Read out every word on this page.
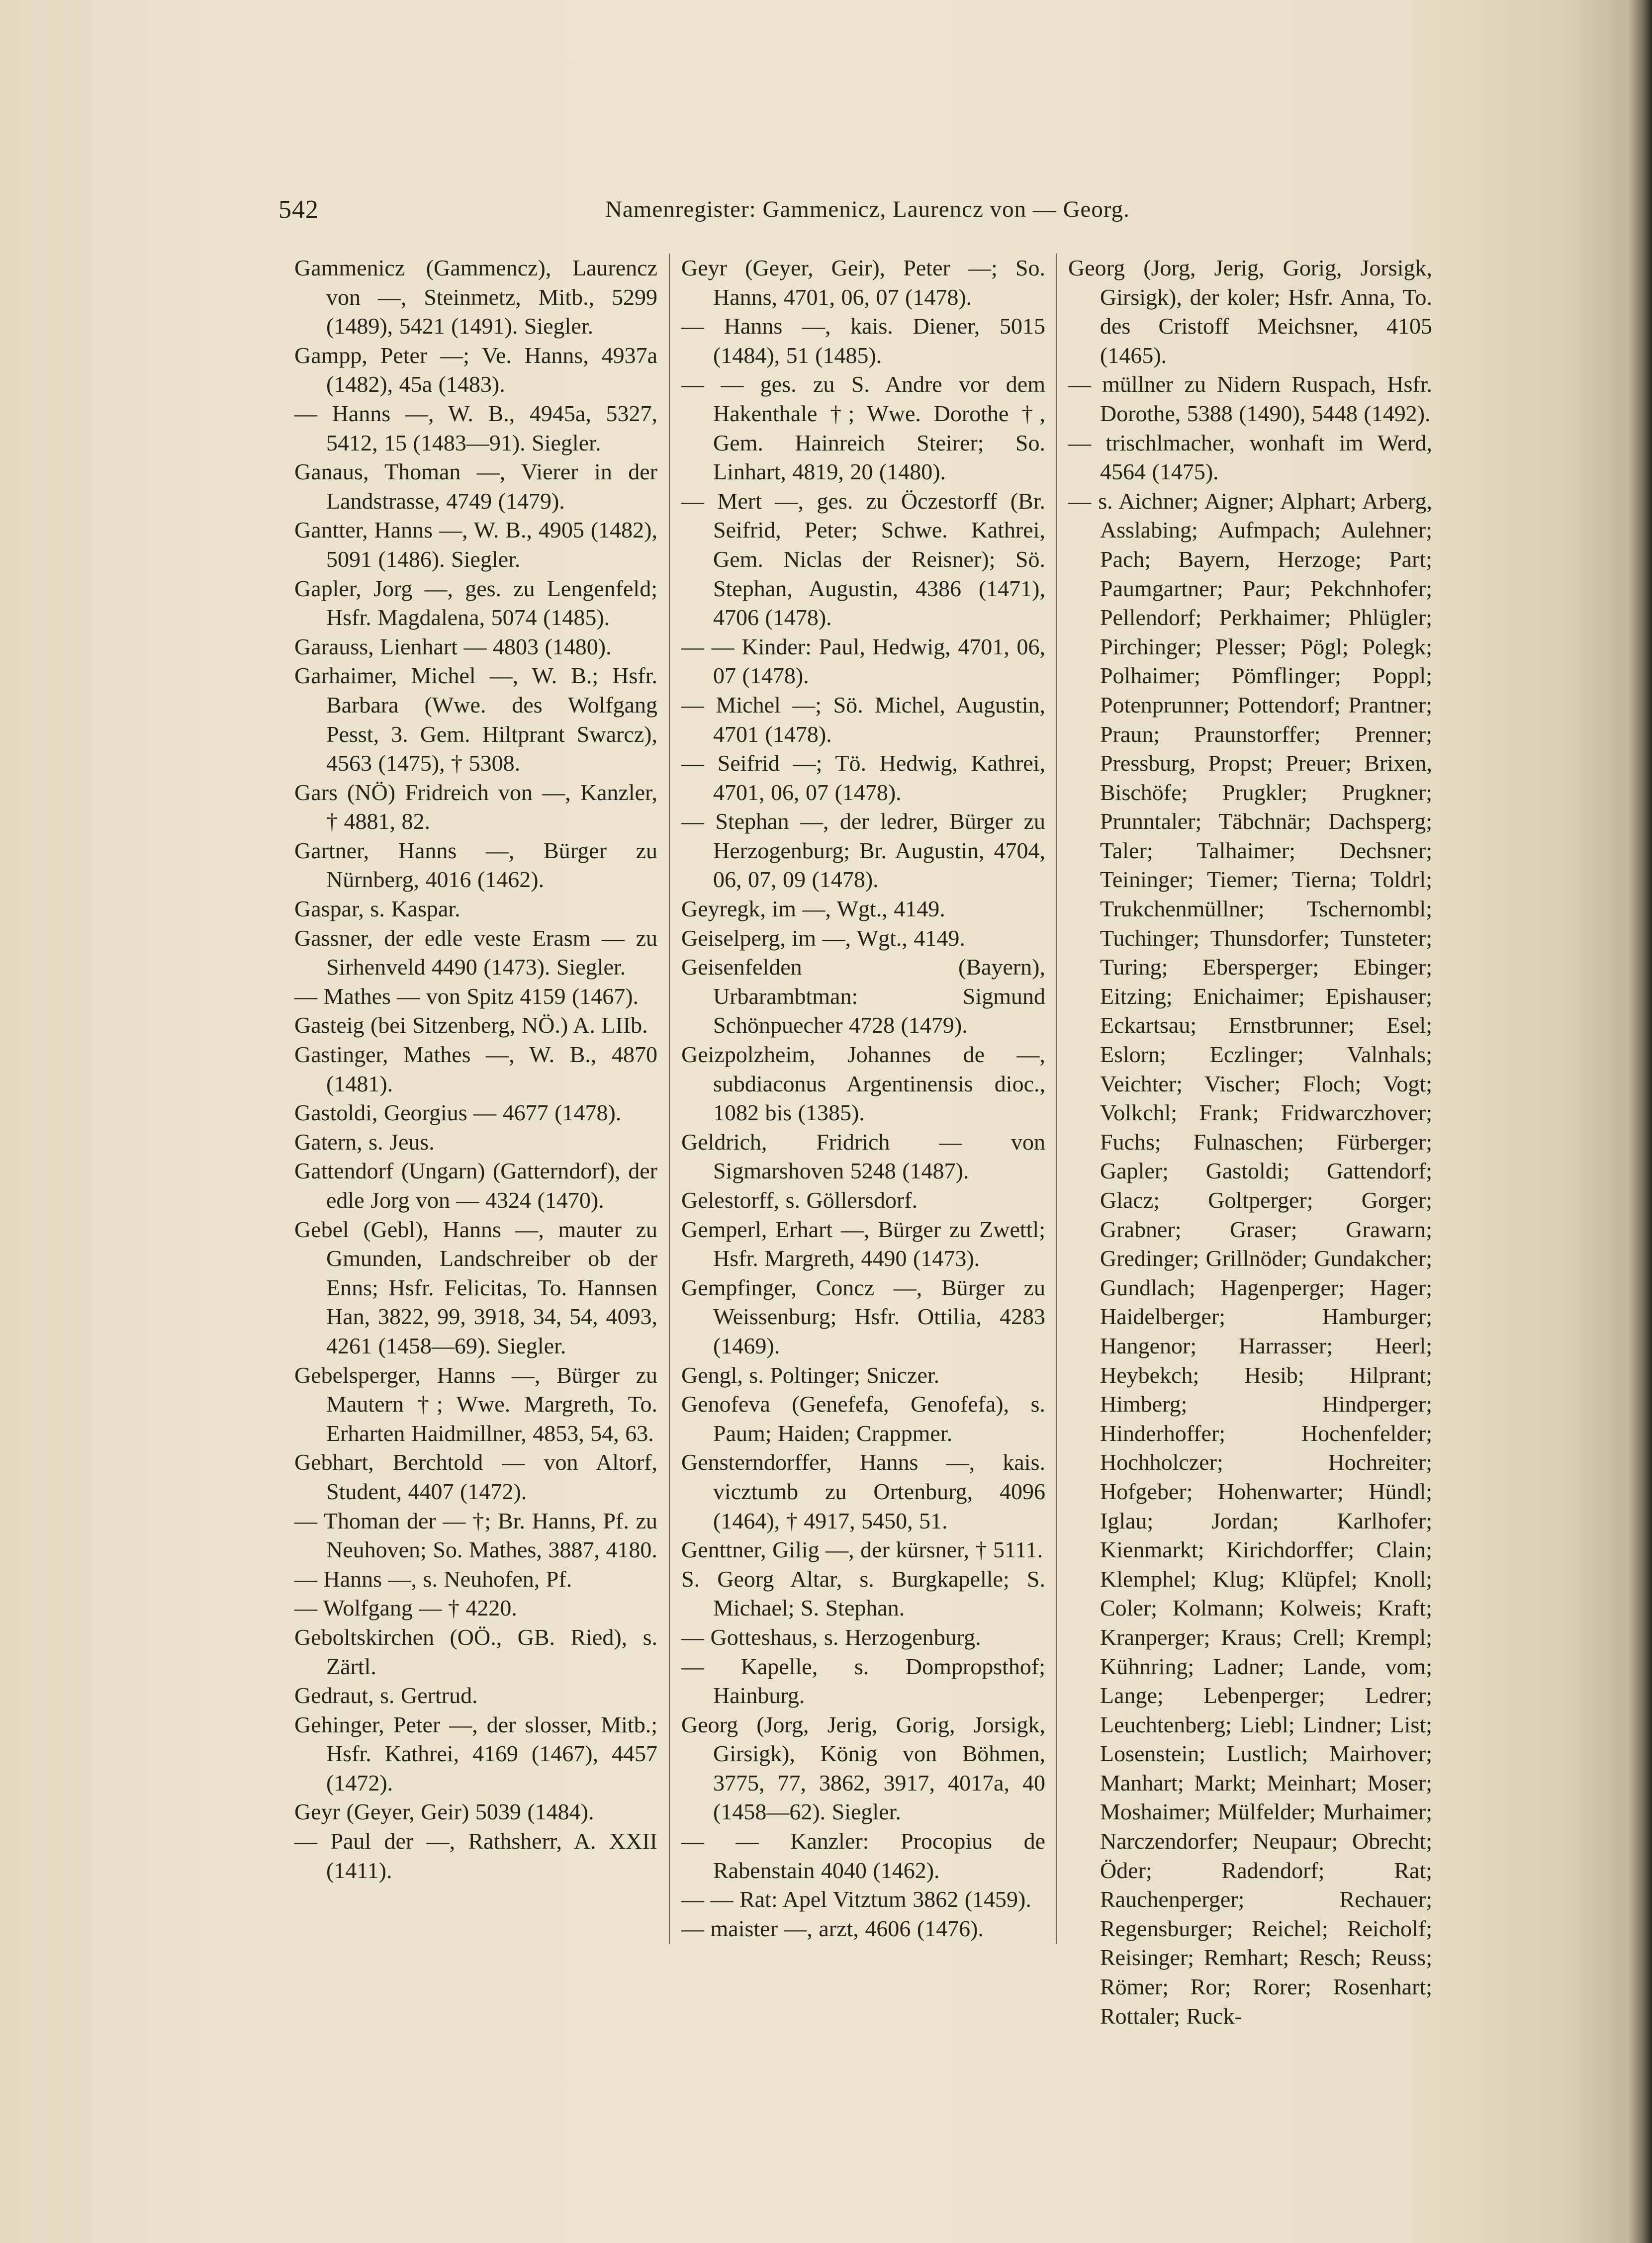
542	Namenregister: Gammenicz, Laurencz von — Georg.

Gammenicz (Gammencz), Laurencz von —, Steinmetz, Mitb., 5299 (1489), 5421 (1491). Siegler.

Gampp, Peter —; Ve. Hanns, 4937a (1482), 45a (1483).

— Hanns —, W. B., 4945a, 5327, 5412, 15 (1483—91). Siegler.

Ganaus, Thoman —, Vierer in der Landstrasse, 4749 (1479).

Gantter, Hanns —, W. B., 4905 (1482), 5091 (1486). Siegler.

Gapler, Jorg —, ges. zu Lengenfeld; Hsfr. Magdalena, 5074 (1485).

Garauss, Lienhart — 4803 (1480).

Garhaimer, Michel —, W. B.; Hsfr. Barbara (Wwe. des Wolfgang Pesst, 3. Gem. Hiltprant Swarcz), 4563 (1475), † 5308.

Gars (NÖ) Fridreich von —, Kanzler, † 4881, 82.

Gartner, Hanns —, Bürger zu Nürnberg, 4016 (1462).

Gaspar, s. Kaspar.

Gassner, der edle veste Erasm — zu Sirhenveld 4490 (1473). Siegler.

— Mathes — von Spitz 4159 (1467).

Gasteig (bei Sitzenberg, NÖ.) A. LIIb.

Gastinger, Mathes —, W. B., 4870 (1481).

Gastoldi, Georgius — 4677 (1478).

Gatern, s. Jeus.

Gattendorf (Ungarn) (Gatterndorf), der edle Jorg von — 4324 (1470).

Gebel (Gebl), Hanns —, mauter zu Gmunden, Landschreiber ob der Enns; Hsfr. Felicitas, To. Hannsen Han, 3822, 99, 3918, 34, 54, 4093, 4261 (1458—69). Siegler.

Gebelsperger, Hanns —, Bürger zu Mautern †; Wwe. Margreth, To. Erharten Haidmillner, 4853, 54, 63.

Gebhart, Berchtold — von Altorf, Student, 4407 (1472).

— Thoman der — †; Br. Hanns, Pf. zu Neuhoven; So. Mathes, 3887, 4180.

— Hanns —, s. Neuhofen, Pf.

— Wolfgang — † 4220.

Geboltskirchen (OÖ., GB. Ried), s. Zärtl.

Gedraut, s. Gertrud.

Gehinger, Peter —, der slosser, Mitb.; Hsfr. Kathrei, 4169 (1467), 4457 (1472).

Geyr (Geyer, Geir) 5039 (1484).

— Paul der —, Rathsherr, A. XXII (1411).

Geyr (Geyer, Geir), Peter —; So. Hanns, 4701, 06, 07 (1478).

— Hanns —, kais. Diener, 5015 (1484), 51 (1485).

— — ges. zu S. Andre vor dem Hakenthale †; Wwe. Dorothe †, Gem. Hainreich Steirer; So. Linhart, 4819, 20 (1480).

— Mert —, ges. zu Öczestorff (Br. Seifrid, Peter; Schwe. Kathrei, Gem. Niclas der Reisner); Sö. Stephan, Augustin, 4386 (1471), 4706 (1478).

— — Kinder: Paul, Hedwig, 4701, 06, 07 (1478).

— Michel —; Sö. Michel, Augustin, 4701 (1478).

— Seifrid —; Tö. Hedwig, Kathrei, 4701, 06, 07 (1478).

— Stephan —, der ledrer, Bürger zu Herzogenburg; Br. Augustin, 4704, 06, 07, 09 (1478).

Geyregk, im —, Wgt., 4149.

Geiselperg, im —, Wgt., 4149.

Geisenfelden (Bayern), Urbarambtman: Sigmund Schönpuecher 4728 (1479).

Geizpolzheim, Johannes de —, subdiaconus Argentinensis dioc., 1082 bis (1385).

Geldrich, Fridrich — von Sigmarshoven 5248 (1487).

Gelestorff, s. Göllersdorf.

Gemperl, Erhart —, Bürger zu Zwettl; Hsfr. Margreth, 4490 (1473).

Gempfinger, Concz —, Bürger zu Weissenburg; Hsfr. Ottilia, 4283 (1469).

Gengl, s. Poltinger; Sniczer.

Genofeva (Genefefa, Genofefa), s. Paum; Haiden; Crappmer.

Gensterndorffer, Hanns —, kais. vicztumb zu Ortenburg, 4096 (1464), † 4917, 5450, 51.

Genttner, Gilig —, der kürsner, † 5111.

S. Georg Altar, s. Burgkapelle; S. Michael; S. Stephan.

— Gotteshaus, s. Herzogenburg.

— Kapelle, s. Dompropsthof; Hainburg.

Georg (Jorg, Jerig, Gorig, Jorsigk, Girsigk), König von Böhmen, 3775, 77, 3862, 3917, 4017a, 40 (1458—62). Siegler.

— — Kanzler: Procopius de Rabenstain 4040 (1462).

— — Rat: Apel Vitztum 3862 (1459).

— maister —, arzt, 4606 (1476).

Georg (Jorg, Jerig, Gorig, Jorsigk, Girsigk), der koler; Hsfr. Anna, To. des Cristoff Meichsner, 4105 (1465).

— müllner zu Nidern Ruspach, Hsfr. Dorothe, 5388 (1490), 5448 (1492).

— trischlmacher, wonhaft im Werd, 4564 (1475).

— s. Aichner; Aigner; Alphart; Arberg, Asslabing; Aufmpach; Aulehner; Pach; Bayern, Herzoge; Part; Paumgartner; Paur; Pekchnhofer; Pellendorf; Perkhaimer; Phlügler; Pirchinger; Plesser; Pögl; Polegk; Polhaimer; Pömflinger; Poppl; Potenprunner; Pottendorf; Prantner; Praun; Praunstorffer; Prenner; Pressburg, Propst; Preuer; Brixen, Bischöfe; Prugkler; Prugkner; Prunntaler; Täbchnär; Dachsperg; Taler; Talhaimer; Dechsner; Teininger; Tiemer; Tierna; Toldrl; Trukchenmüllner; Tschernombl; Tuchinger; Thunsdorfer; Tunsteter; Turing; Ebersperger; Ebinger; Eitzing; Enichaimer; Epishauser; Eckartsau; Ernstbrunner; Esel; Eslorn; Eczlinger; Valnhals; Veichter; Vischer; Floch; Vogt; Volkchl; Frank; Fridwarczhover; Fuchs; Fulnaschen; Fürberger; Gapler; Gastoldi; Gattendorf; Glacz; Goltperger; Gorger; Grabner; Graser; Grawarn; Gredinger; Grillnöder; Gundakcher; Gundlach; Hagenperger; Hager; Haidelberger; Hamburger; Hangenor; Harrasser; Heerl; Heybekch; Hesib; Hilprant; Himberg; Hindperger; Hinderhoffer; Hochenfelder; Hochholczer; Hochreiter; Hofgeber; Hohenwarter; Hündl; Iglau; Jordan; Karlhofer; Kienmarkt; Kirichdorffer; Clain; Klemphel; Klug; Klüpfel; Knoll; Coler; Kolmann; Kolweis; Kraft; Kranperger; Kraus; Crell; Krempl; Kühnring; Ladner; Lande, vom; Lange; Lebenperger; Ledrer; Leuchtenberg; Liebl; Lindner; List; Losenstein; Lustlich; Mairhover; Manhart; Markt; Meinhart; Moser; Moshaimer; Mülfelder; Murhaimer; Narczendorfer; Neupaur; Obrecht; Öder; Radendorf; Rat; Rauchenperger; Rechauer; Regensburger; Reichel; Reicholf; Reisinger; Remhart; Resch; Reuss; Römer; Ror; Rorer; Rosenhart; Rottaler; Ruck-
